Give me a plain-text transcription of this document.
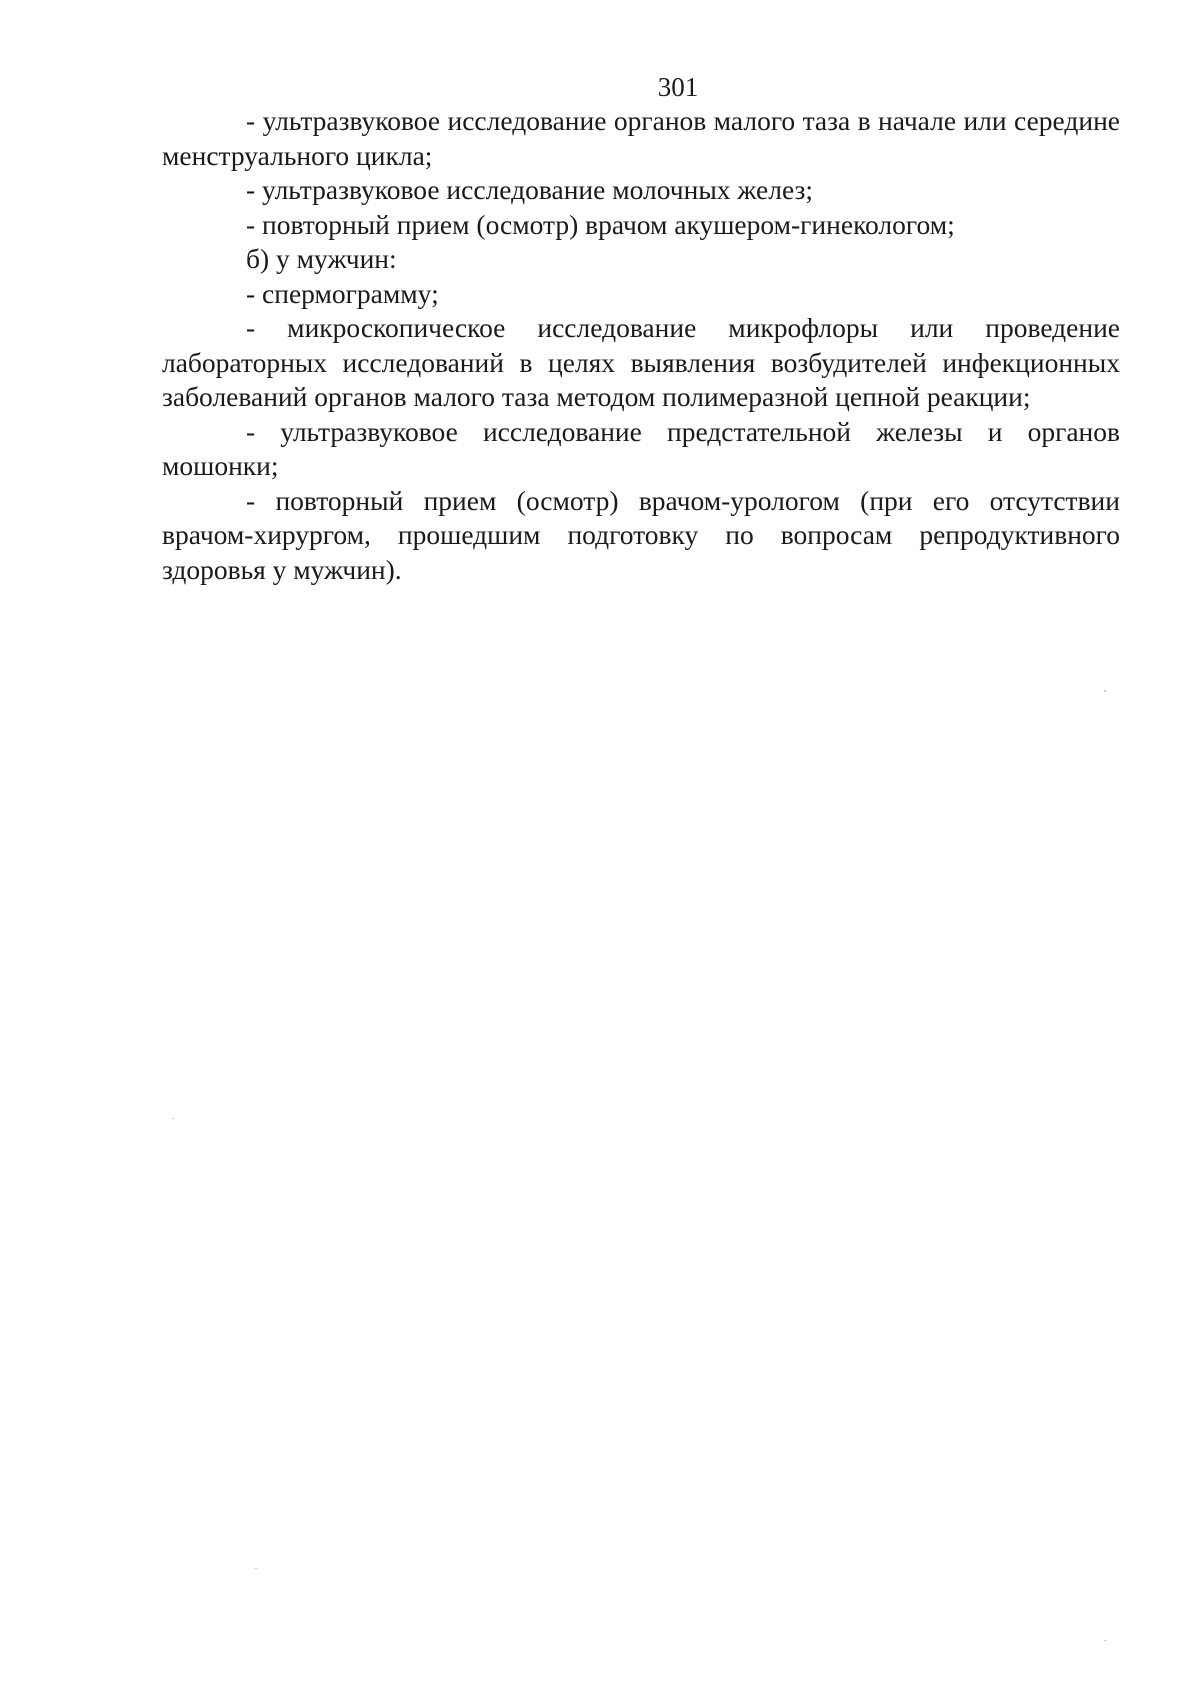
301

- ультразвуковое исследование органов малого таза в начале или середине менструального цикла;

- ультразвуковое исследование молочных желез;

- повторный прием (осмотр) врачом акушером-гинекологом;

б) у мужчин:

- спермограмму;

- микроскопическое исследование микрофлоры или проведение лабораторных исследований в целях выявления возбудителей инфекционных заболеваний органов малого таза методом полимеразной цепной реакции;

- ультразвуковое исследование предстательной железы и органов мошонки;

- повторный прием (осмотр) врачом-урологом (при его отсутствии врачом-хирургом, прошедшим подготовку по вопросам репродуктивного здоровья у мужчин).
